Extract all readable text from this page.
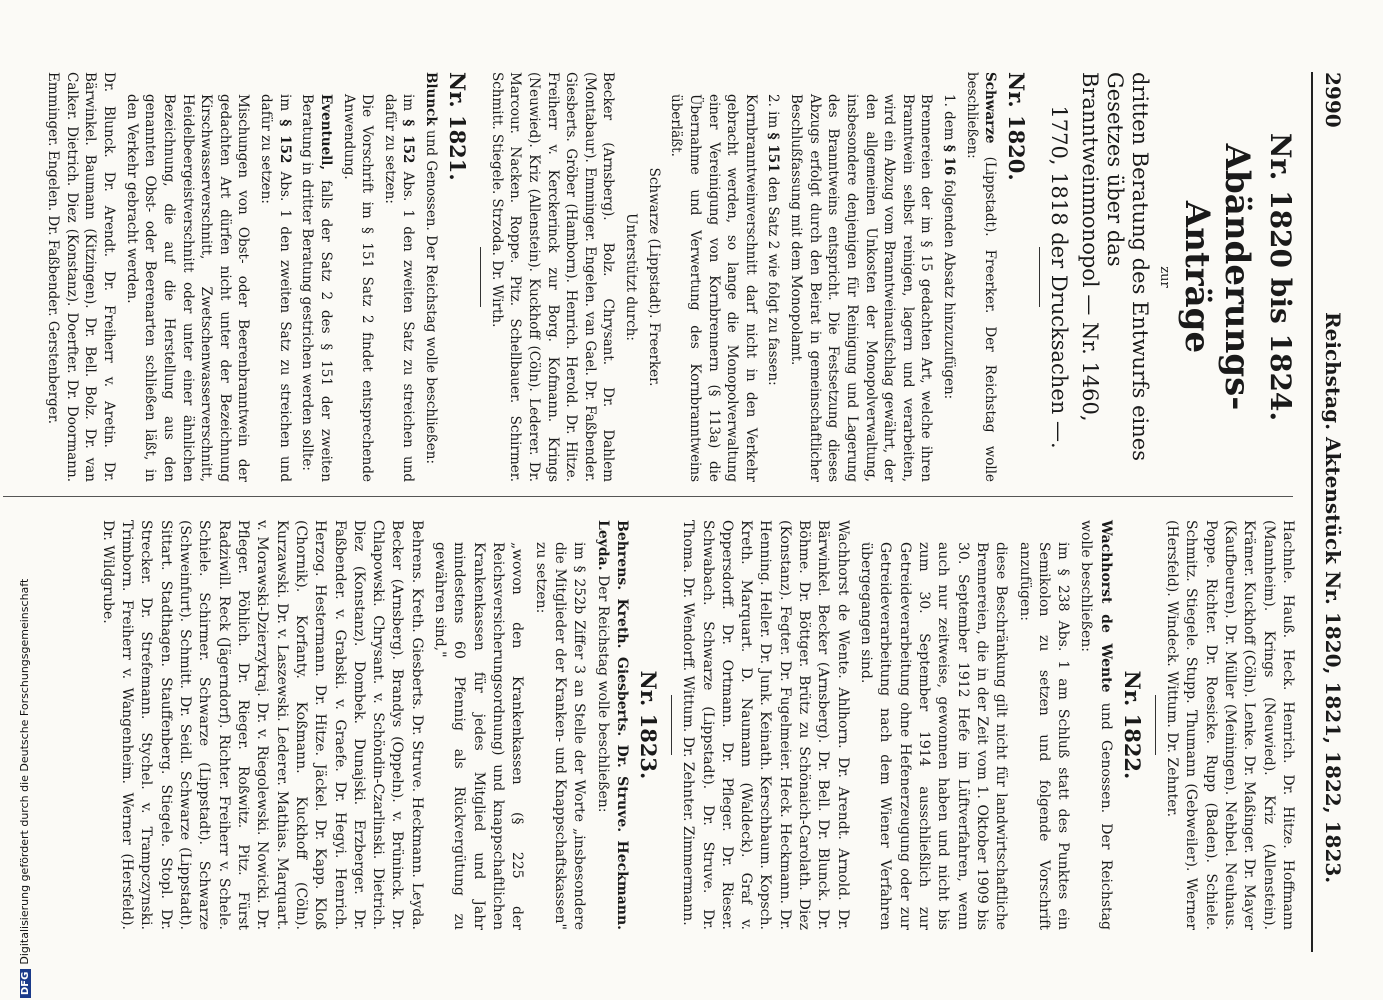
2990
Reichstag. Aktenstück Nr. 1820, 1821, 1822, 1823.
Nr. 1820 bis 1824.
Abänderungs-Anträge

zur

dritten Beratung des Entwurfs eines Gesetzes über das Branntweinmonopol — Nr. 1460,

1770, 1818 der Drucksachen —.

Nr. 1820.

Schwarze (Lippstadt). Freerker. Der Reichstag wolle beschließen:

1. dem § 16 folgenden Absatz hinzuzufügen:

Brennereien der im § 15 gedachten Art, welche ihren Branntwein selbst reinigen, lagern und verarbeiten, wird ein Abzug vom Branntweinaufschlag gewährt, der den allgemeinen Unkosten der Monopolverwaltung, insbesondere denjenigen für Reinigung und Lagerung des Branntweins entspricht. Die Festsetzung dieses Abzugs erfolgt durch den Beirat in gemeinschaftlicher Beschlußfassung mit dem Monopolamt.

2. im § 151 den Satz 2 wie folgt zu fassen:

Kornbranntweinverschnitt darf nicht in den Verkehr gebracht werden, so lange die Monopolverwaltung einer Vereinigung von Kornbrennern (§ 113a) die Übernahme und Verwertung des Kornbranntweins überläßt.

Schwarze (Lippstadt). Freerker.

Unterstützt durch:

Becker (Arnsberg). Bolz. Chrysant. Dr. Dahlem (Montabaur). Emminger. Engelen. van Gael. Dr. Faßbender. Giesberts. Gröber (Hamborn). Henrich. Herold. Dr. Hitze. Freiherr v. Kerckerinck zur Borg. Kofmann. Krings (Neuwied). Kriz (Allenstein). Kuckhoff (Cöln). Lederer. Dr. Marcour. Nacken. Roppe. Pitz. Schellbauer. Schirmer. Schmitt. Stiegele. Strzoda. Dr. Wirth.

Nr. 1821.

Blunck und Genossen. Der Reichstag wolle beschließen:

im § 152 Abs. 1 den zweiten Satz zu streichen und dafür zu setzen:

Die Vorschrift im § 151 Satz 2 findet entsprechende Anwendung.

Eventuell, falls der Satz 2 des § 151 der zweiten Beratung in dritter Beratung gestrichen werden sollte:

im § 152 Abs. 1 den zweiten Satz zu streichen und dafür zu setzen:

Mischungen von Obst- oder Beerenbranntwein der gedachten Art dürfen nicht unter der Bezeichnung Kirschwasserverschnitt, Zwetschenwasserverschnitt, Heidelbeergeistverschnitt oder unter einer ähnlichen Bezeichnung, die auf die Herstellung aus den genannten Obst- oder Beerenarten schließen läßt, in den Verkehr gebracht werden.

Dr. Blunck. Dr. Arendt. Dr. Freiherr v. Aretin. Dr. Bärwinkel. Baumann (Kitzingen). Dr. Bell. Bolz. Dr. van Calker. Dietrich. Diez (Konstanz). Doerfter. Dr. Doormann. Emminger. Engelen. Dr. Faßbender. Gerstenberger.

Hachnle. Hauß. Heck. Henrich. Dr. Hitze. Hoffmann (Mannheim). Krings (Neuwied). Kriz (Allenstein). Krämer. Kuckhoff (Cöln). Lenke. Dr. Maßinger. Dr. Mayer (Kaufbeuren). Dr. Müller (Meiningen). Nehbel. Neuhaus. Poppe. Richter. Dr. Roesicke. Rupp (Baden). Schiele. Schmitz. Stiegele. Stupp. Thumann (Gebweiler). Werner (Hersfeld). Windeck. Wittum. Dr. Zehnter.

Nr. 1822.

Wachhorst de Wente und Genossen. Der Reichstag wolle beschließen:

im § 238 Abs. 1 am Schluß statt des Punktes ein Semikolon zu setzen und folgende Vorschrift anzufügen:

diese Beschränkung gilt nicht für landwirtschaftliche Brennereien, die in der Zeit vom 1. Oktober 1909 bis 30. September 1912 Hefe im Lüftverfahren, wenn auch nur zeitweise, gewonnen haben und nicht bis zum 30. September 1914 ausschließlich zur Getreideverarbeitung ohne Hefenerzeugung oder zur Getreideverarbeitung nach dem Wiener Verfahren übergegangen sind.

Wachhorst de Wente. Ahlhorn. Dr. Arendt. Arnold. Dr. Bärwinkel. Becker (Arnsberg). Dr. Bell. Dr. Blunck. Dr. Böhme. Dr. Böttger. Brütz zu Schönaich-Carolath. Diez (Konstanz). Fegter. Dr. Fugelmeier. Heck. Heckmann. Dr. Henning. Heller. Dr. Junk. Keinath. Kerschbaum. Kopsch. Kreth. Marquart. D. Naumann (Waldeck). Graf v. Oppersdorff. Dr. Ortmann. Dr. Pfleger. Dr. Rieser. Schwabach. Schwarze (Lippstadt). Dr. Struve. Dr. Thoma. Dr. Wendorff. Wittum. Dr. Zehnter. Zimmermann.

Nr. 1823.

Behrens. Kreth. Giesberts. Dr. Struve. Heckmann. Leyda. Der Reichstag wolle beschließen:

im § 252b Ziffer 3 an Stelle der Worte „insbesondere die Mitglieder der Kranken- und Knappschaftskassen" zu setzen:

„wovon den Krankenkassen (§ 225 der Reichsversicherungsordnung) und knappschaftlichen Krankenkassen für jedes Mitglied und Jahr mindestens 60 Pfennig als Rückvergütung zu gewähren sind,"

Behrens. Kreth. Giesberts. Dr. Struve. Heckmann. Leyda. Becker (Arnsberg). Brandys (Oppeln). v. Brüninck. Dr. Chlapowski. Chrysant. v. Schöndin-Czarlinski. Dietrich. Diez (Konstanz). Dombek. Dunajski. Erzberger. Dr. Faßbender. v. Grabski. v. Graefe. Dr. Hegyi. Henrich. Herzog. Hestermann. Dr. Hitze. Jäckel. Dr. Kapp. Kloß (Chornik). Korfanty. Koßmann. Kuckhoff (Cöln). Kurzawski. Dr. v. Laszewski. Lederer. Mathias. Marquart. v. Morawski-Dzierzykraj. Dr. v. Riegolewski. Nowicki. Dr. Pfleger. Pöhlich. Dr. Rieger. Roßwitz. Pitz. Fürst Radziwill. Reck (Jägerndorf). Richter. Freiherr v. Schele. Schiele. Schirmer. Schwarze (Lippstadt). Schwarze (Schweinfurt). Schmitt. Dr. Seidl. Schwarze (Lippstadt). Sittart. Stadthagen. Stauffenberg. Stiegele. Stopl. Dr. Strecker. Dr. Strefemann. Stychel. v. Trampczynski. Trimborn. Freiherr v. Wangenheim. Werner (Hersfeld). Dr. Wildgrube.

DFGDigitalisierung gefördert durch die Deutsche Forschungsgemeinschaft
